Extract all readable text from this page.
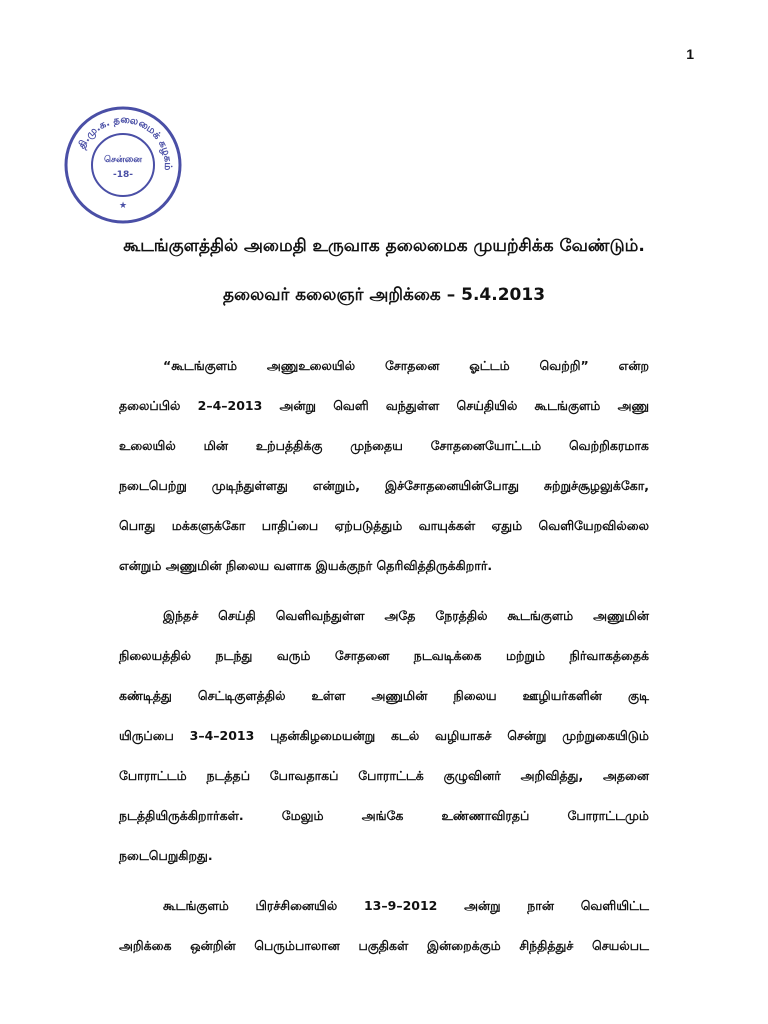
1
தி.மு.க. தலைமைக் கழகம்
சென்னை
-18-
★
கூடங்குளத்தில் அமைதி உருவாக தலைமைக முயற்சிக்க வேண்டும்.
தலைவர் கலைஞர் அறிக்கை – 5.4.2013
“கூடங்குளம் அணுஉலையில் சோதனை ஓட்டம் வெற்றி” என்ற
தலைப்பில் 2–4–2013 அன்று வெளி வந்துள்ள செய்தியில் கூடங்குளம் அணு
உலையில் மின் உற்பத்திக்கு முந்தைய சோதனையோட்டம் வெற்றிகரமாக
நடைபெற்று முடிந்துள்ளது என்றும், இச்சோதனையின்போது சுற்றுச்சூழலுக்கோ,
பொது மக்களுக்கோ பாதிப்பை ஏற்படுத்தும் வாயுக்கள் ஏதும் வெளியேறவில்லை
என்றும் அணுமின் நிலைய வளாக இயக்குநர் தெரிவித்திருக்கிறார்.
இந்தச் செய்தி வெளிவந்துள்ள அதே நேரத்தில் கூடங்குளம் அணுமின்
நிலையத்தில் நடந்து வரும் சோதனை நடவடிக்கை மற்றும் நிர்வாகத்தைக்
கண்டித்து செட்டிகுளத்தில் உள்ள அணுமின் நிலைய ஊழியர்களின் குடி
யிருப்பை 3–4–2013 புதன்கிழமையன்று கடல் வழியாகச் சென்று முற்றுகையிடும்
போராட்டம் நடத்தப் போவதாகப் போராட்டக் குழுவினர் அறிவித்து, அதனை
நடத்தியிருக்கிறார்கள்.	மேலும்	அங்கே	உண்ணாவிரதப்	போராட்டமும்
நடைபெறுகிறது.
கூடங்குளம் பிரச்சினையில் 13–9–2012 அன்று நான் வெளியிட்ட
அறிக்கை ஒன்றின் பெரும்பாலான பகுதிகள் இன்றைக்கும் சிந்தித்துச் செயல்பட
